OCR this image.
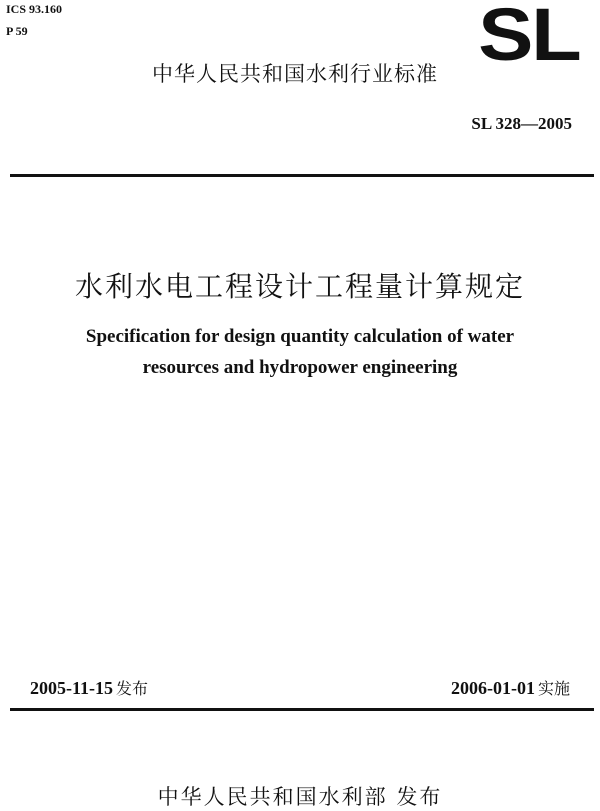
ICS 93.160
P 59	SL
中华人民共和国水利行业标准
SL 328—2005
水利水电工程设计工程量计算规定
Specification for design quantity calculation of water
resources and hydropower engineering
2005-11-15 发布	2006-01-01 实施
中华人民共和国水利部 发布
